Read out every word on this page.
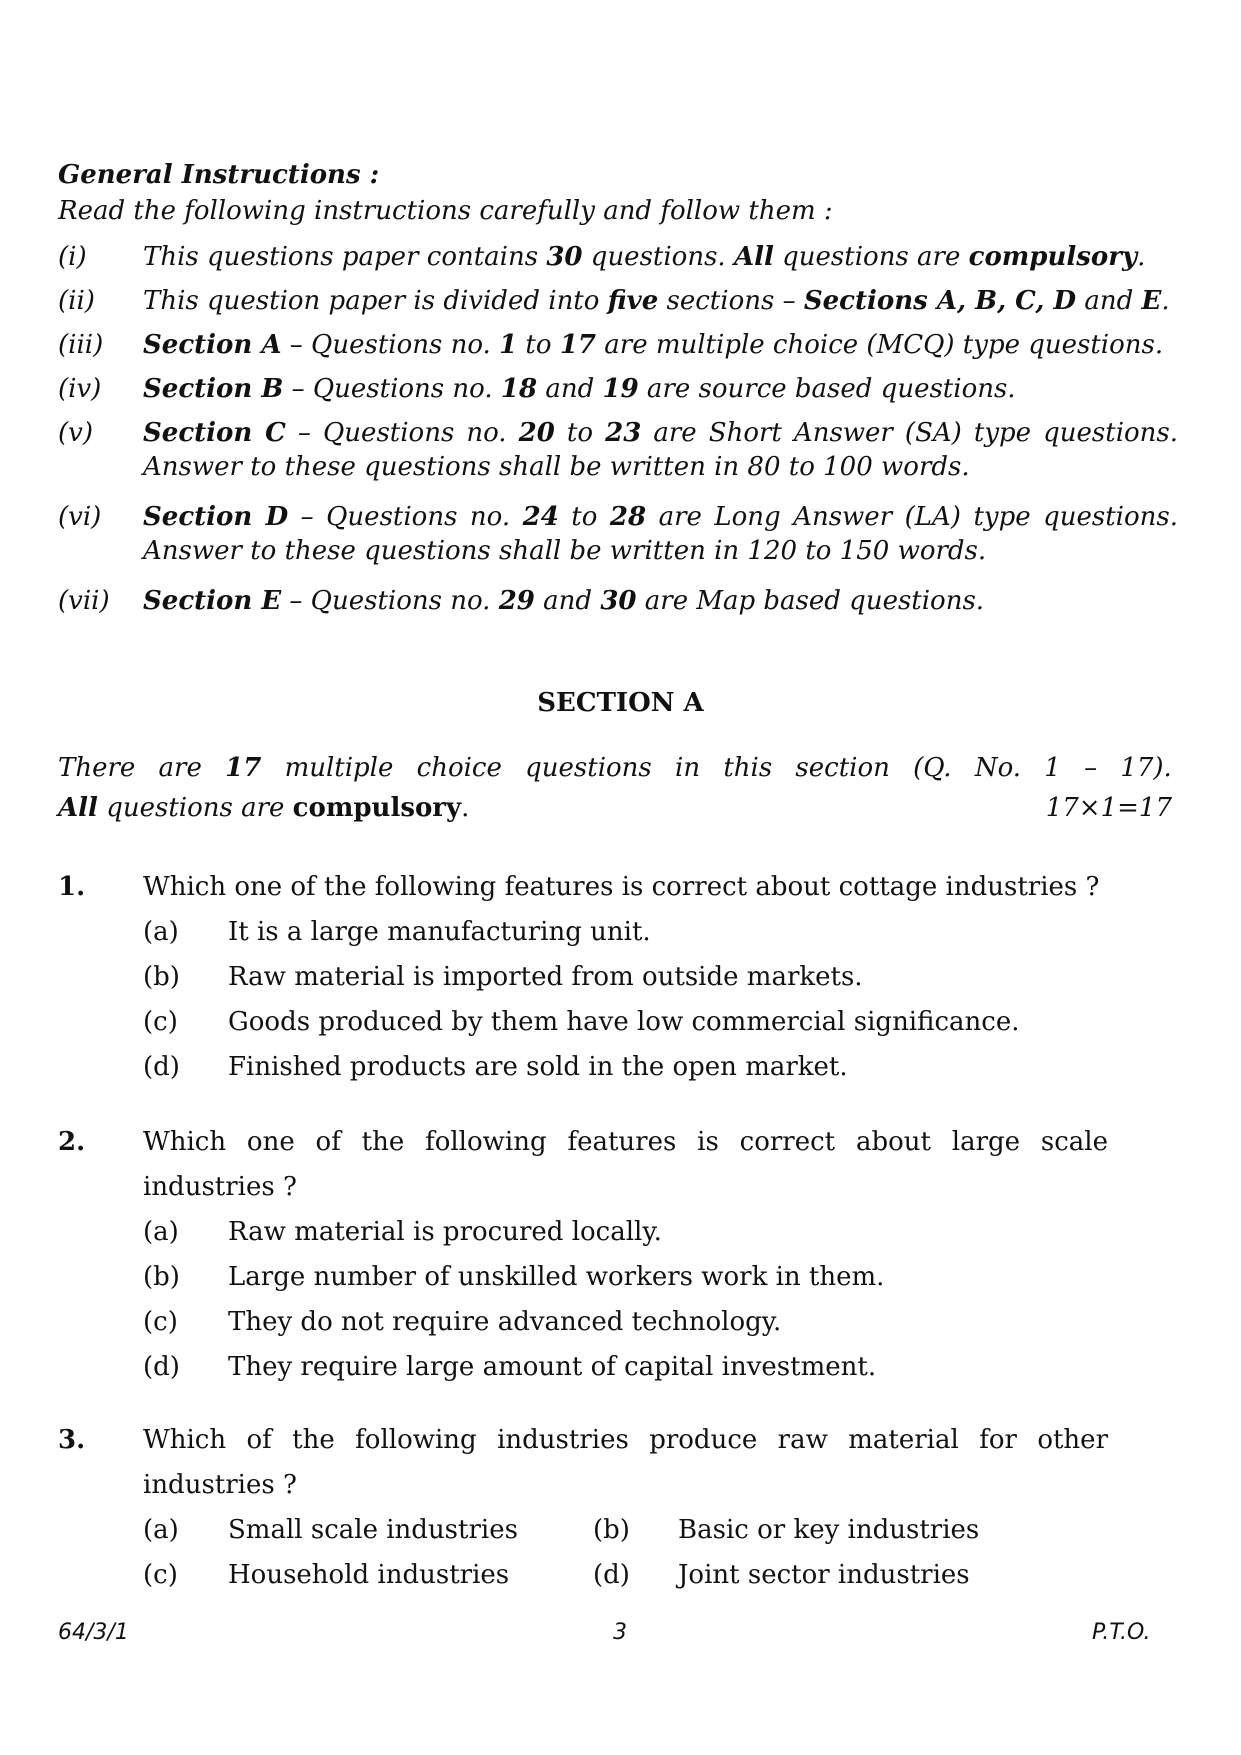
General Instructions :
Read the following instructions carefully and follow them :
(i) This questions paper contains 30 questions. All questions are compulsory.
(ii) This question paper is divided into five sections – Sections A, B, C, D and E.
(iii) Section A – Questions no. 1 to 17 are multiple choice (MCQ) type questions.
(iv) Section B – Questions no. 18 and 19 are source based questions.
(v) Section C – Questions no. 20 to 23 are Short Answer (SA) type questions. Answer to these questions shall be written in 80 to 100 words.
(vi) Section D – Questions no. 24 to 28 are Long Answer (LA) type questions. Answer to these questions shall be written in 120 to 150 words.
(vii) Section E – Questions no. 29 and 30 are Map based questions.
SECTION A
There are 17 multiple choice questions in this section (Q. No. 1 – 17).
All questions are compulsory.	17×1=17
1. Which one of the following features is correct about cottage industries ?
(a) It is a large manufacturing unit.
(b) Raw material is imported from outside markets.
(c) Goods produced by them have low commercial significance.
(d) Finished products are sold in the open market.
2. Which one of the following features is correct about large scale industries ?
(a) Raw material is procured locally.
(b) Large number of unskilled workers work in them.
(c) They do not require advanced technology.
(d) They require large amount of capital investment.
3. Which of the following industries produce raw material for other industries ?
(a) Small scale industries	(b) Basic or key industries
(c) Household industries	(d) Joint sector industries
64/3/1	3	P.T.O.
